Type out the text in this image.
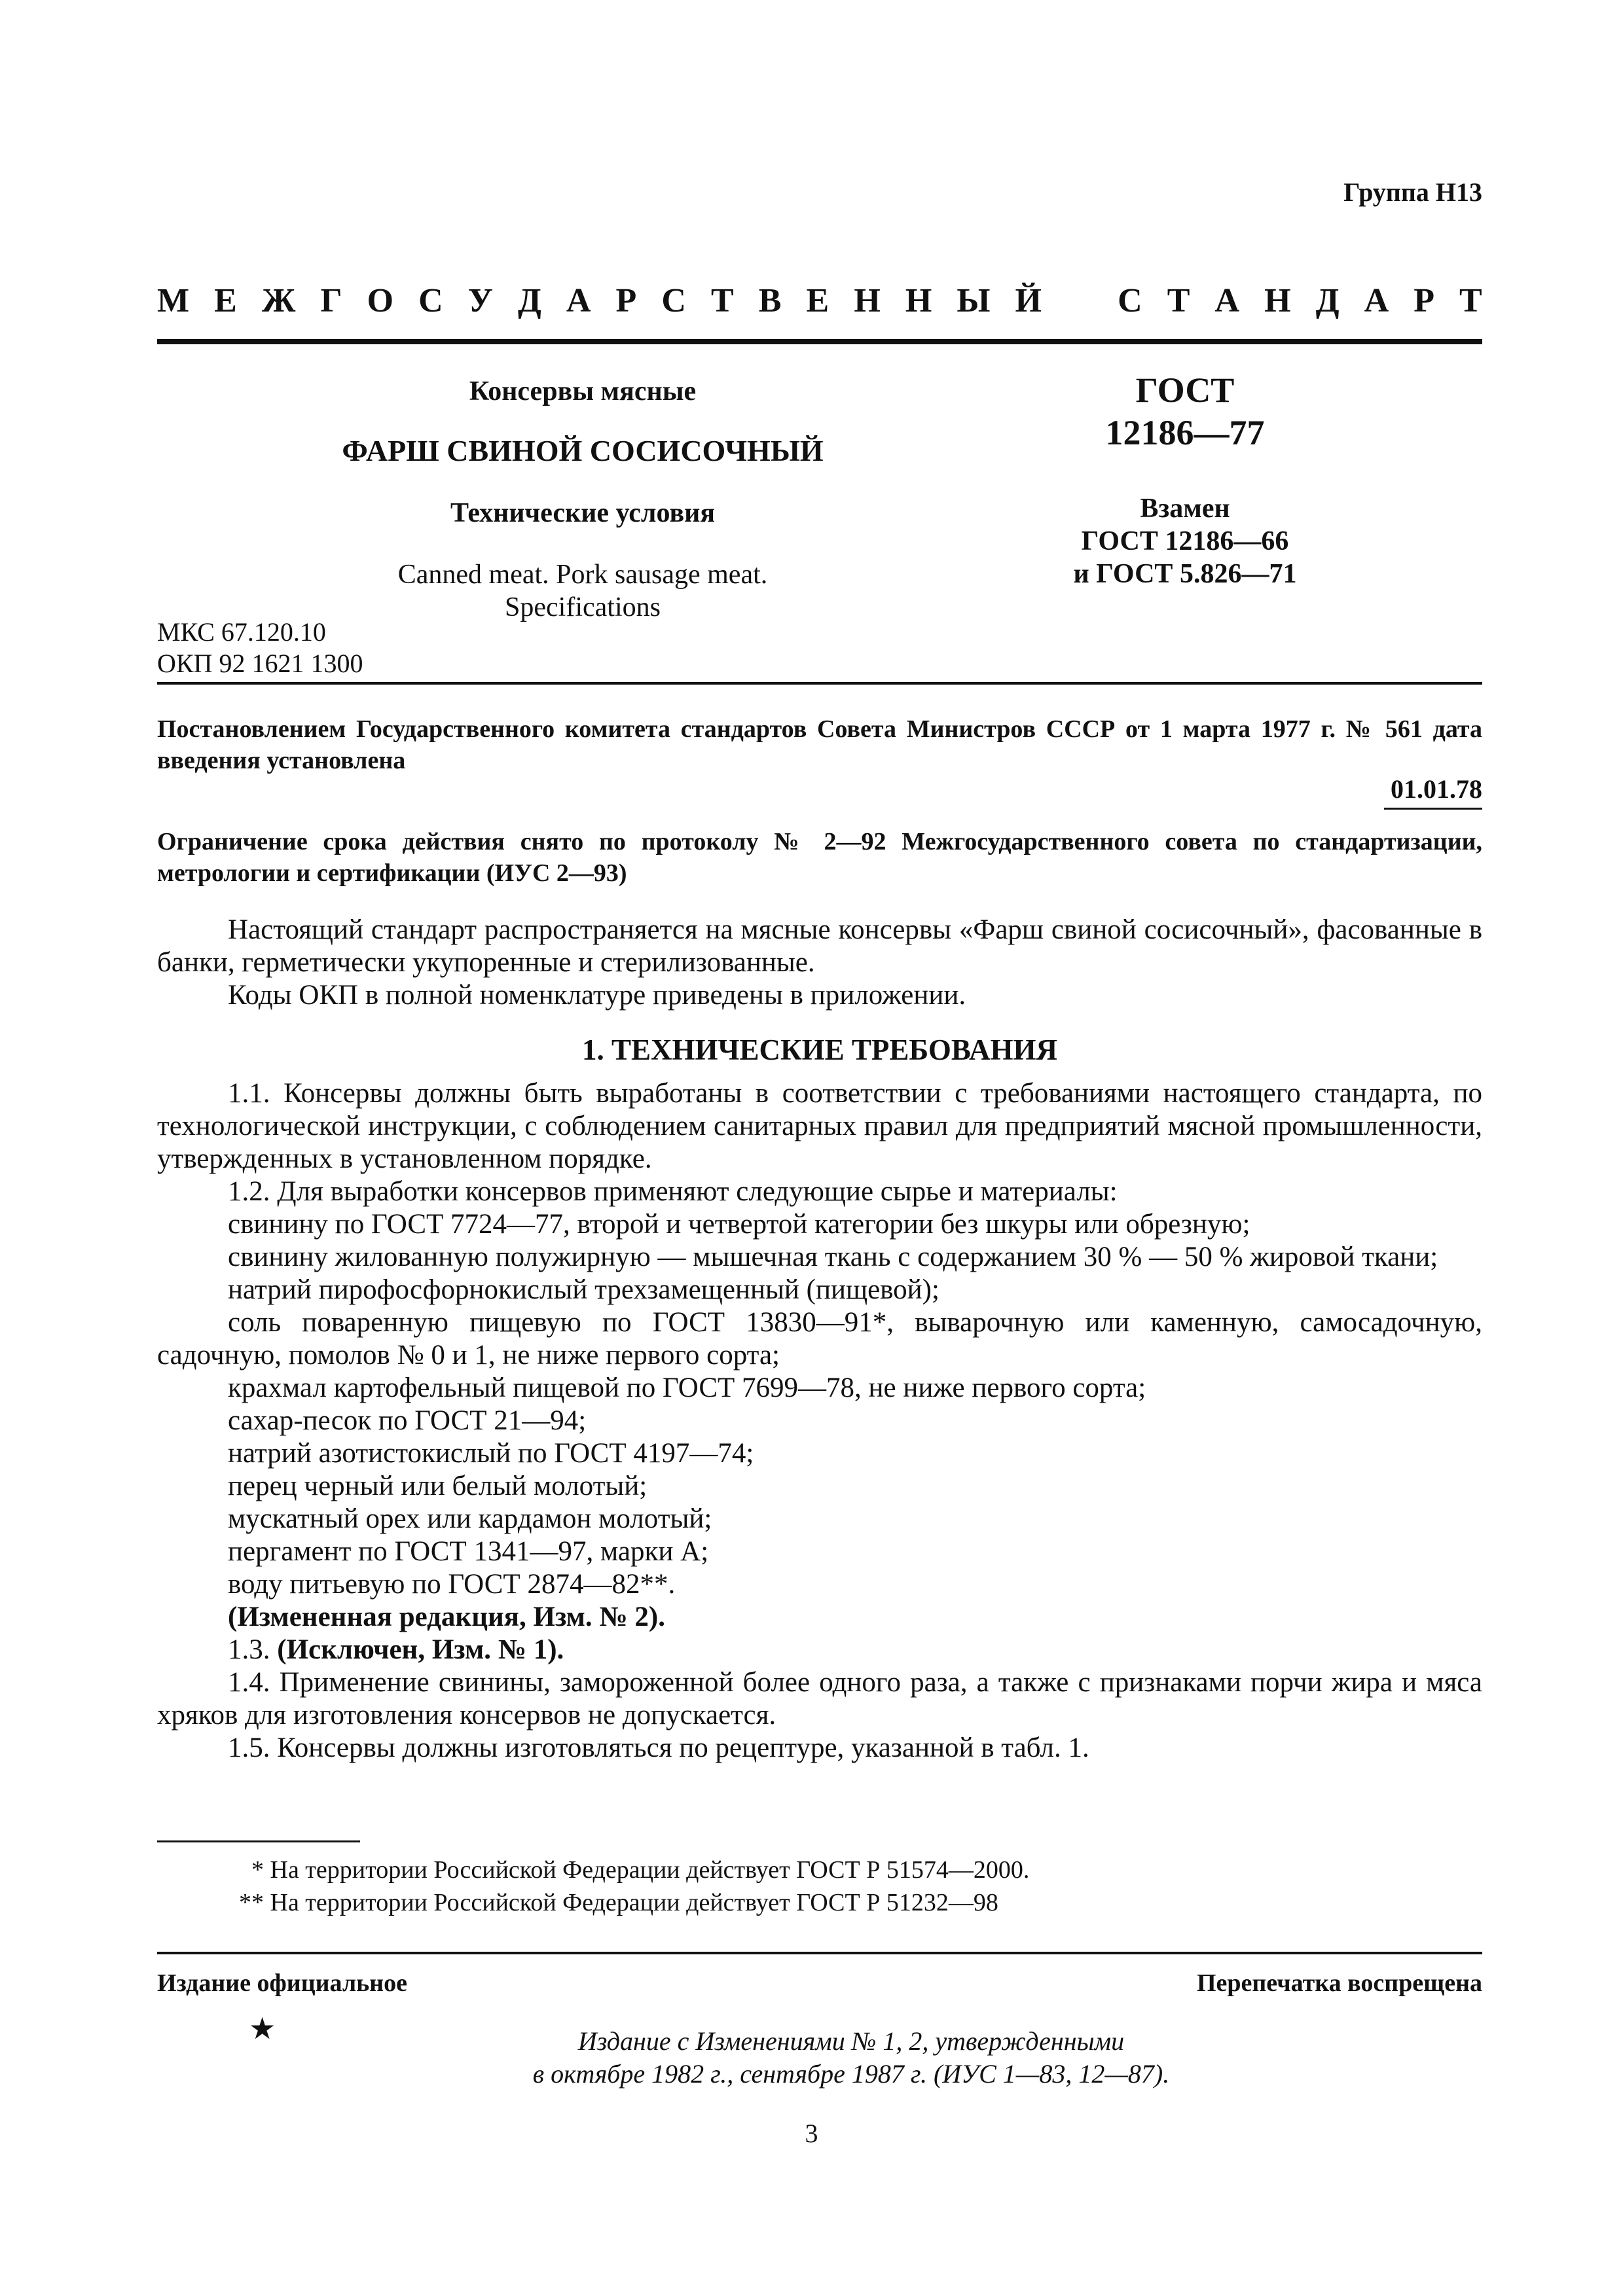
Группа Н13
М Е Ж Г О С У Д А Р С Т В Е Н Н Ы Й С Т А Н Д А Р Т
Консервы мясные
ФАРШ СВИНОЙ СОСИСОЧНЫЙ
Технические условия
Canned meat. Pork sausage meat.
Specifications
ГОСТ
12186—77
Взамен
ГОСТ 12186—66
и ГОСТ 5.826—71
МКС 67.120.10
ОКП 92 1621 1300
Постановлением Государственного комитета стандартов Совета Министров СССР от 1 марта 1977 г. № 561 дата введения установлена
01.01.78
Ограничение срока действия снято по протоколу № 2—92 Межгосударственного совета по стандартизации, метрологии и сертификации (ИУС 2—93)

Настоящий стандарт распространяется на мясные консервы «Фарш свиной сосисочный», фасованные в банки, герметически укупоренные и стерилизованные.

Коды ОКП в полной номенклатуре приведены в приложении.

1. ТЕХНИЧЕСКИЕ ТРЕБОВАНИЯ

1.1. Консервы должны быть выработаны в соответствии с требованиями настоящего стандарта, по технологической инструкции, с соблюдением санитарных правил для предприятий мясной промышленности, утвержденных в установленном порядке.

1.2. Для выработки консервов применяют следующие сырье и материалы:

свинину по ГОСТ 7724—77, второй и четвертой категории без шкуры или обрезную;

свинину жилованную полужирную — мышечная ткань с содержанием 30 % — 50 % жировой ткани;

натрий пирофосфорнокислый трехзамещенный (пищевой);

соль поваренную пищевую по ГОСТ 13830—91*, выварочную или каменную, самосадочную, садочную, помолов № 0 и 1, не ниже первого сорта;

крахмал картофельный пищевой по ГОСТ 7699—78, не ниже первого сорта;

сахар-песок по ГОСТ 21—94;

натрий азотистокислый по ГОСТ 4197—74;

перец черный или белый молотый;

мускатный орех или кардамон молотый;

пергамент по ГОСТ 1341—97, марки А;

воду питьевую по ГОСТ 2874—82**.

(Измененная редакция, Изм. № 2).

1.3. (Исключен, Изм. № 1).

1.4. Применение свинины, замороженной более одного раза, а также с признаками порчи жира и мяса хряков для изготовления консервов не допускается.

1.5. Консервы должны изготовляться по рецептуре, указанной в табл. 1.

* На территории Российской Федерации действует ГОСТ Р 51574—2000.
** На территории Российской Федерации действует ГОСТ Р 51232—98
Издание официальное	Перепечатка воспрещена
★	Издание с Изменениями № 1, 2, утвержденными
в октябре 1982 г., сентябре 1987 г. (ИУС 1—83, 12—87).
3
